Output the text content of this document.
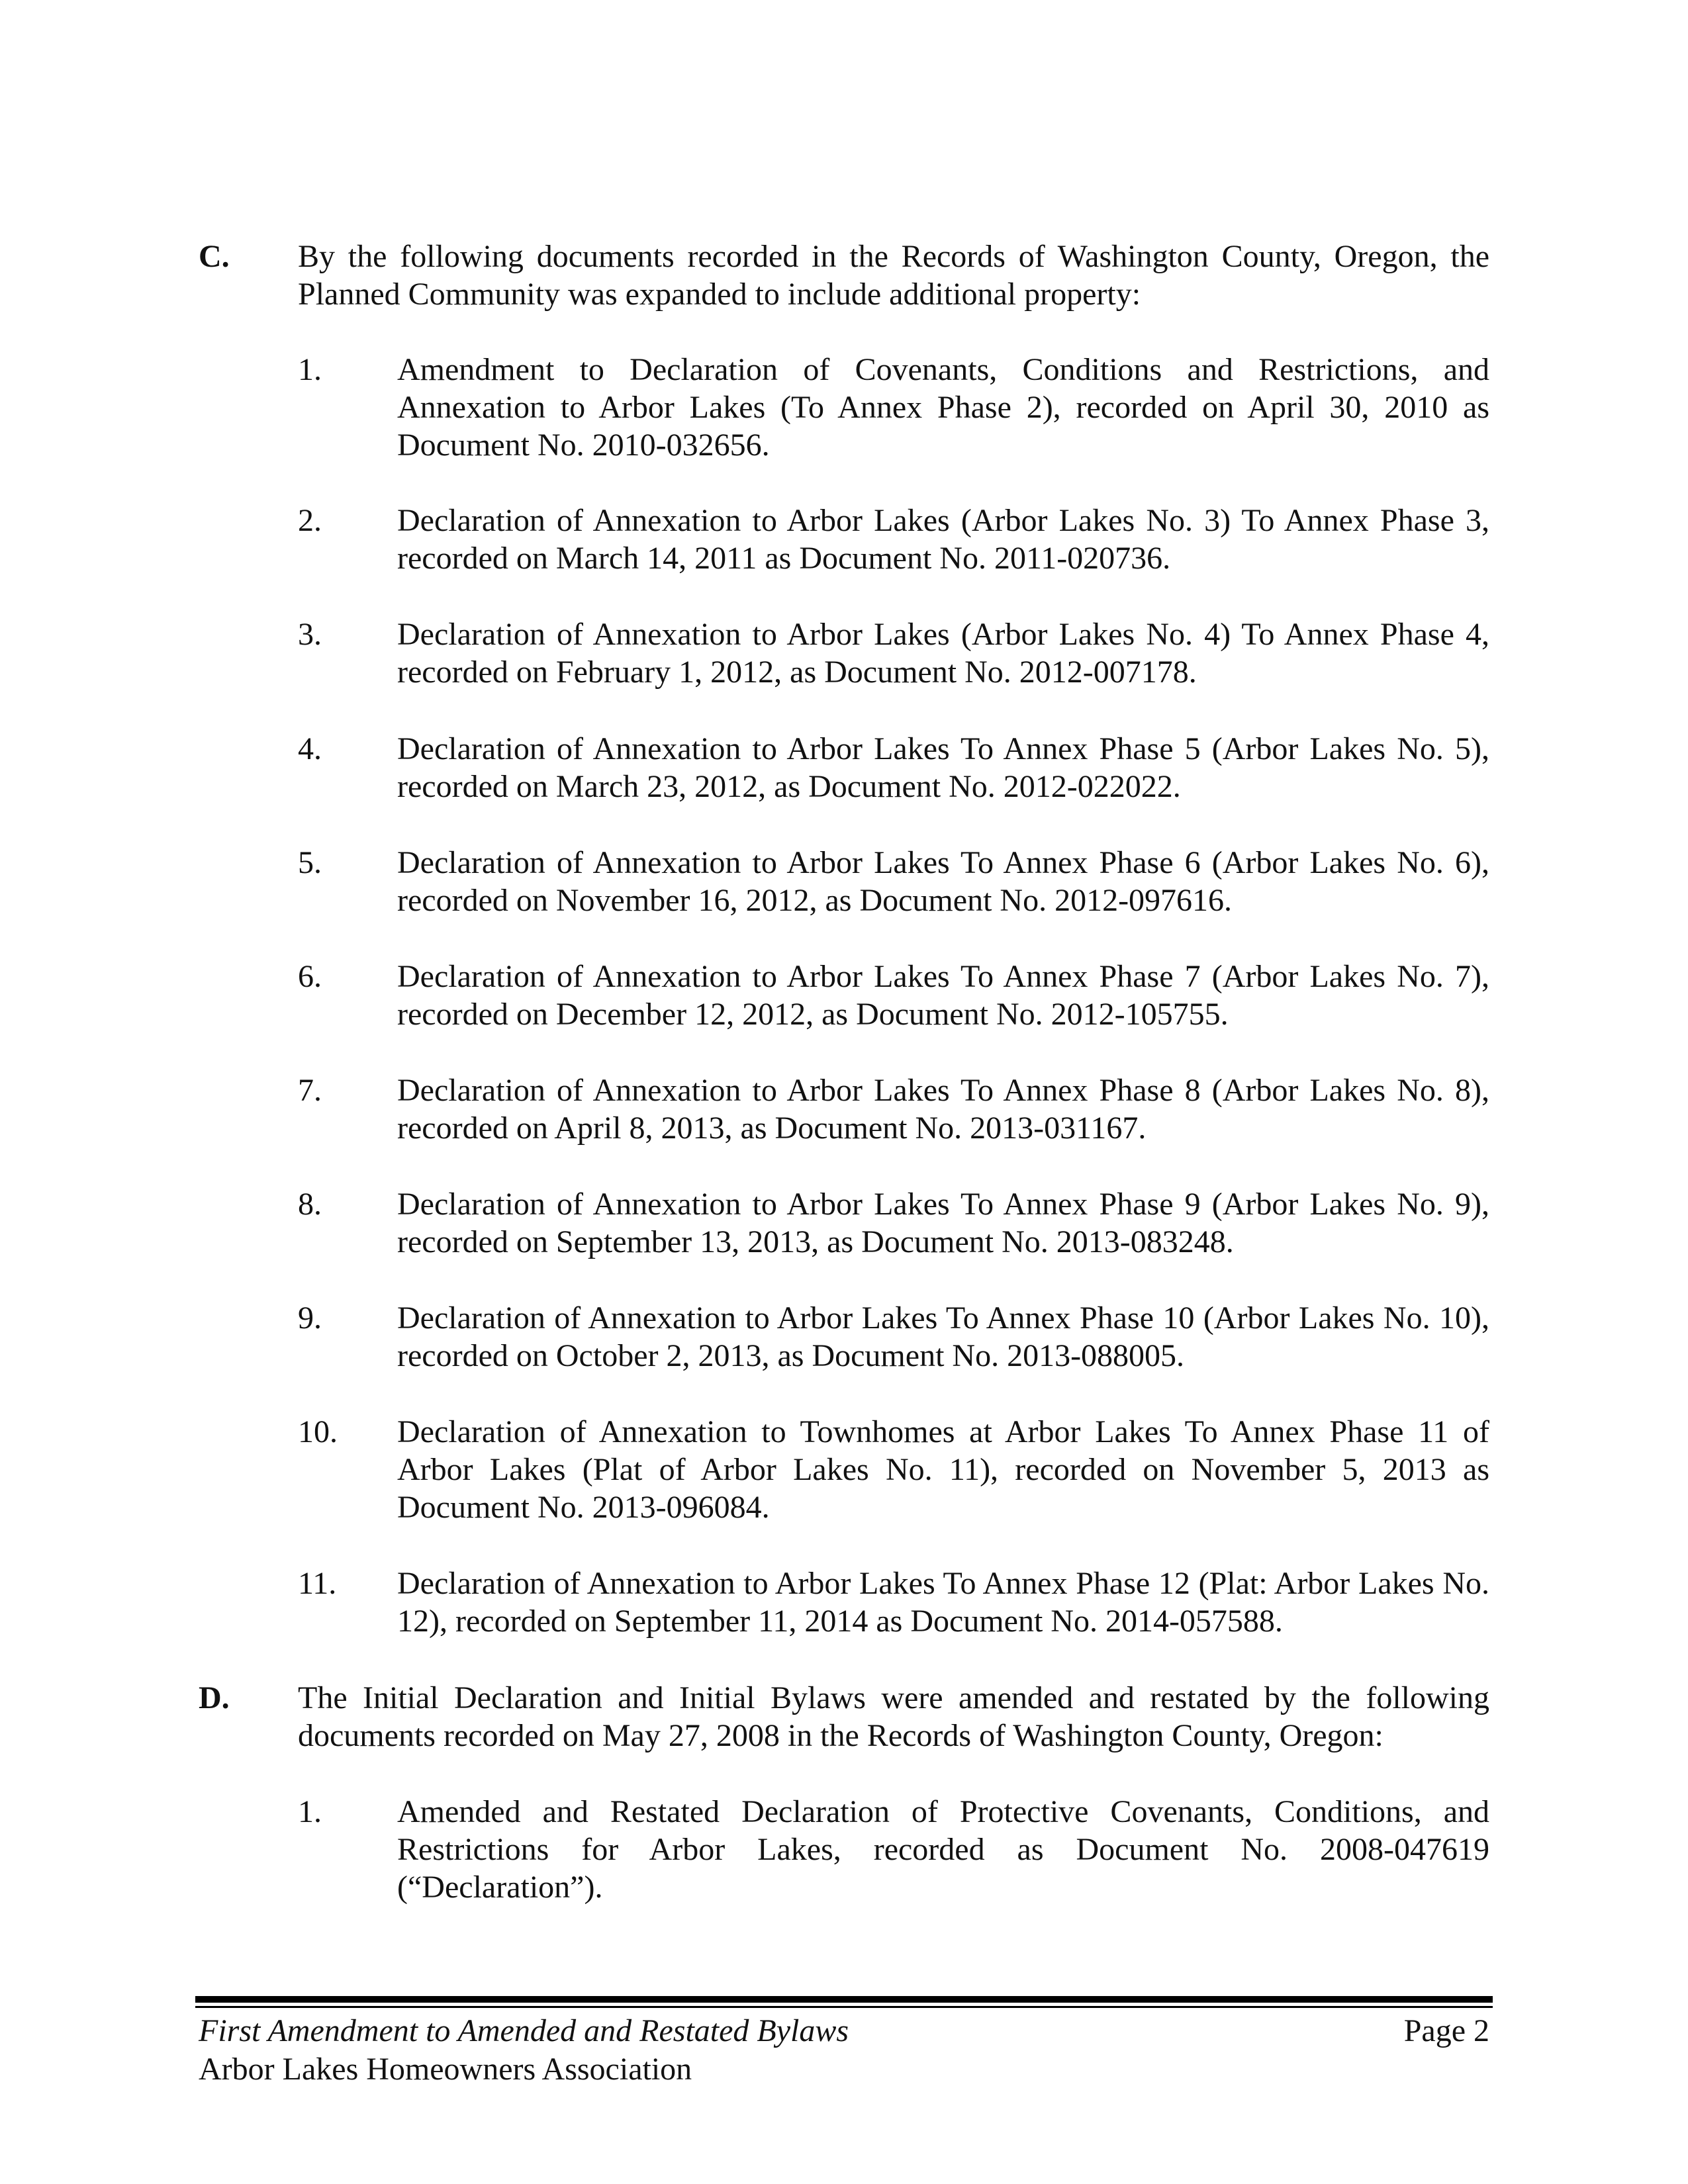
C. By the following documents recorded in the Records of Washington County, Oregon, the Planned Community was expanded to include additional property:
1. Amendment to Declaration of Covenants, Conditions and Restrictions, and Annexation to Arbor Lakes (To Annex Phase 2), recorded on April 30, 2010 as Document No. 2010-032656.
2. Declaration of Annexation to Arbor Lakes (Arbor Lakes No. 3) To Annex Phase 3, recorded on March 14, 2011 as Document No. 2011-020736.
3. Declaration of Annexation to Arbor Lakes (Arbor Lakes No. 4) To Annex Phase 4, recorded on February 1, 2012, as Document No. 2012-007178.
4. Declaration of Annexation to Arbor Lakes To Annex Phase 5 (Arbor Lakes No. 5), recorded on March 23, 2012, as Document No. 2012-022022.
5. Declaration of Annexation to Arbor Lakes To Annex Phase 6 (Arbor Lakes No. 6), recorded on November 16, 2012, as Document No. 2012-097616.
6. Declaration of Annexation to Arbor Lakes To Annex Phase 7 (Arbor Lakes No. 7), recorded on December 12, 2012, as Document No. 2012-105755.
7. Declaration of Annexation to Arbor Lakes To Annex Phase 8 (Arbor Lakes No. 8), recorded on April 8, 2013, as Document No. 2013-031167.
8. Declaration of Annexation to Arbor Lakes To Annex Phase 9 (Arbor Lakes No. 9), recorded on September 13, 2013, as Document No. 2013-083248.
9. Declaration of Annexation to Arbor Lakes To Annex Phase 10 (Arbor Lakes No. 10), recorded on October 2, 2013, as Document No. 2013-088005.
10. Declaration of Annexation to Townhomes at Arbor Lakes To Annex Phase 11 of Arbor Lakes (Plat of Arbor Lakes No. 11), recorded on November 5, 2013 as Document No. 2013-096084.
11. Declaration of Annexation to Arbor Lakes To Annex Phase 12 (Plat: Arbor Lakes No. 12), recorded on September 11, 2014 as Document No. 2014-057588.
D. The Initial Declaration and Initial Bylaws were amended and restated by the following documents recorded on May 27, 2008 in the Records of Washington County, Oregon:
1. Amended and Restated Declaration of Protective Covenants, Conditions, and Restrictions for Arbor Lakes, recorded as Document No. 2008-047619 (“Declaration”).
First Amendment to Amended and Restated Bylaws	Page 2
Arbor Lakes Homeowners Association
